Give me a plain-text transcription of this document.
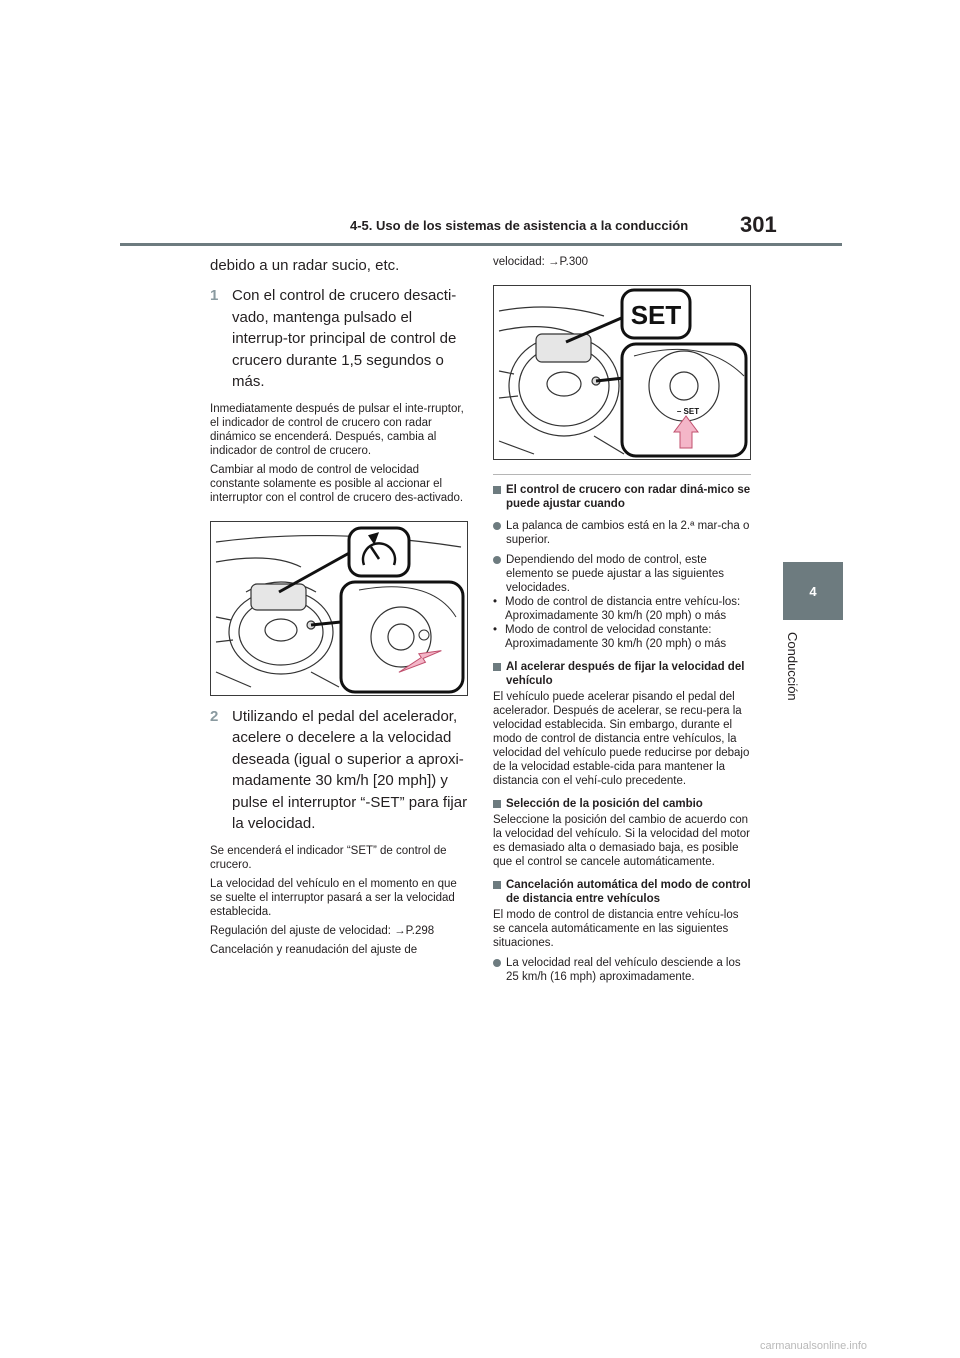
4-5. Uso de los sistemas de asistencia a la conducción 301
4
Conducción

debido a un radar sucio, etc.

1 Con el control de crucero desacti-vado, mantenga pulsado el interrup-tor principal de control de crucero durante 1,5 segundos o más.

Inmediatamente después de pulsar el inte-rruptor, el indicador de control de crucero con radar dinámico se encenderá. Después, cambia al indicador de control de crucero.

Cambiar al modo de control de velocidad constante solamente es posible al accionar el interruptor con el control de crucero des-activado.

2 Utilizando el pedal del acelerador, acelere o decelere a la velocidad deseada (igual o superior a aproxi-madamente 30 km/h [20 mph]) y pulse el interruptor “-SET” para fijar la velocidad.

Se encenderá el indicador “SET” de control de crucero.

La velocidad del vehículo en el momento en que se suelte el interruptor pasará a ser la velocidad establecida.

Regulación del ajuste de velocidad: →P.298

Cancelación y reanudación del ajuste de

velocidad: →P.300

SET
– SET
El control de crucero con radar diná-mico se puede ajustar cuando
La palanca de cambios está en la 2.ª mar-cha o superior.
Dependiendo del modo de control, este elemento se puede ajustar a las siguientes velocidades.
• Modo de control de distancia entre vehícu-los: Aproximadamente 30 km/h (20 mph) o más
• Modo de control de velocidad constante: Aproximadamente 30 km/h (20 mph) o más
Al acelerar después de fijar la velocidad del vehículo

El vehículo puede acelerar pisando el pedal del acelerador. Después de acelerar, se recu-pera la velocidad establecida. Sin embargo, durante el modo de control de distancia entre vehículos, la velocidad del vehículo puede reducirse por debajo de la velocidad estable-cida para mantener la distancia con el vehí-culo precedente.

Selección de la posición del cambio

Seleccione la posición del cambio de acuerdo con la velocidad del vehículo. Si la velocidad del motor es demasiado alta o demasiado baja, es posible que el control se cancele automáticamente.

Cancelación automática del modo de control de distancia entre vehículos

El modo de control de distancia entre vehícu-los se cancela automáticamente en las siguientes situaciones.

La velocidad real del vehículo desciende a los 25 km/h (16 mph) aproximadamente.
carmanualsonline.info
